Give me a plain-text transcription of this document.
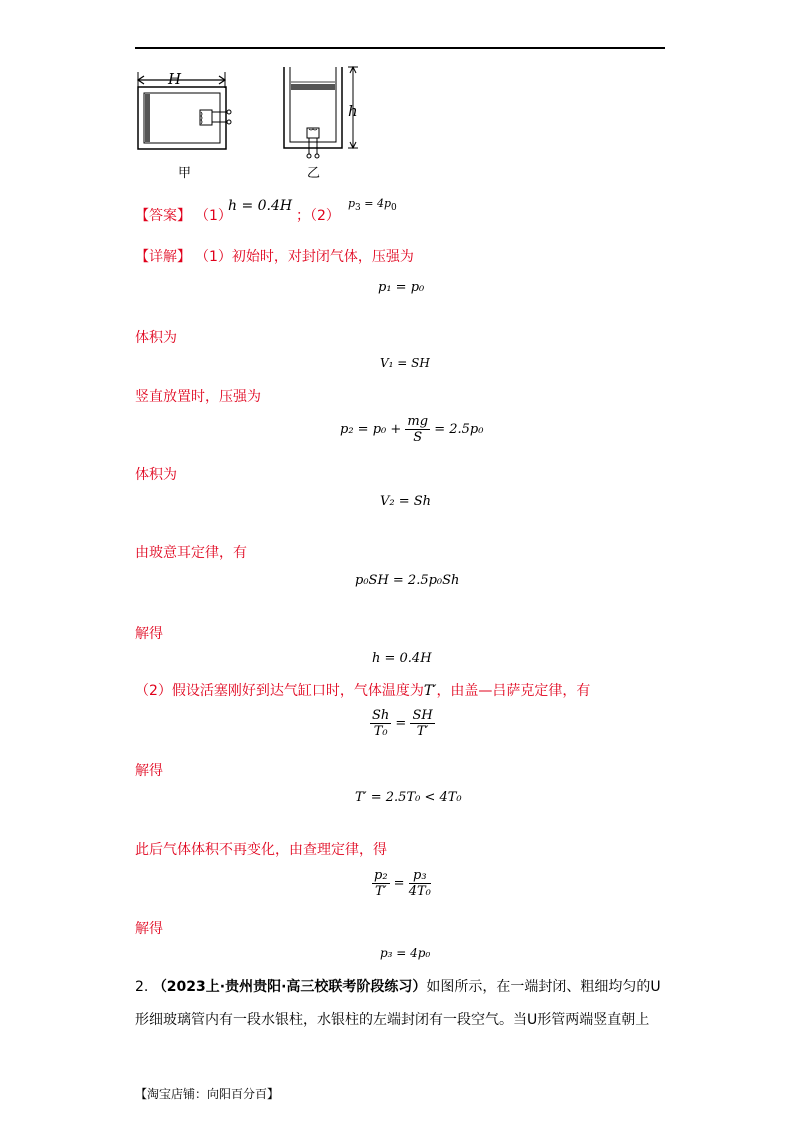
H
甲
h
乙
【答案】 （1）
h = 0.4H
；（2）
$p_3 = 4p_0$
【详解】 （1）初始时，对封闭气体，压强为
p₁ = p₀
体积为
V₁ = SH
竖直放置时，压强为
$p_2 = p_0 + \frac{mg}{S} = 2.5p_0$
体积为
V₂ = Sh
由玻意耳定律，有
p₀SH = 2.5p₀Sh
解得
h = 0.4H
（2）假设活塞刚好到达气缸口时，气体温度为T′，由盖—吕萨克定律，有
$\frac{Sh}{\text{T₀}} = \frac{SH}{T'}$
解得
T′ = 2.5T₀ < 4T₀
此后气体体积不再变化，由查理定律，得
$\frac{\text{p₂}}{T'} = \frac{\text{p₃}}{\text{4T₀}}$
解得
p₃ = 4p₀
2. （2023上·贵州贵阳·高三校联考阶段练习）如图所示，在一端封闭、粗细均匀的U
形细玻璃管内有一段水银柱，水银柱的左端封闭有一段空气。当U形管两端竖直朝上
【淘宝店铺：向阳百分百】
